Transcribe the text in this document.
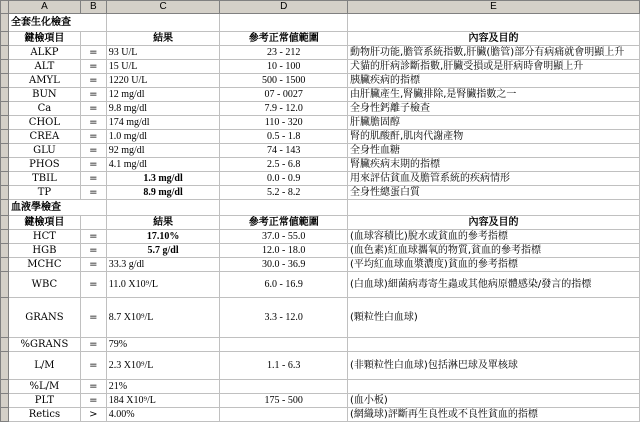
	A	B	C	D	E
	全套生化檢查				
	鍵檢項目		結果	參考正常値範圍	內容及目的
	ALKP	=	93 U/L	23 - 212	動物肝功能,膽管系統指數,肝臟(膽管)部分有病痛就會明顯上升
	ALT	=	15 U/L	10 - 100	犬貓的肝病診斷指數,肝臟受損或是肝病時會明顯上升
	AMYL	=	1220 U/L	500 - 1500	胰臟疾病的指標
	BUN	=	12 mg/dl	07 - 0027	由肝臟產生,腎臟排除,是腎臟指數之一
	Ca	=	9.8 mg/dl	7.9 - 12.0	全身性鈣離子檢查
	CHOL	=	174 mg/dl	110 - 320	肝臟膽固醇
	CREA	=	1.0 mg/dl	0.5 - 1.8	腎的肌酸酐,肌肉代謝產物
	GLU	=	92 mg/dl	74 - 143	全身性血糖
	PHOS	=	4.1 mg/dl	2.5 - 6.8	腎臟疾病末期的指標
	TBIL	=	1.3 mg/dl	0.0 - 0.9	用來評估貧血及膽管系統的疾病情形
	TP	=	8.9 mg/dl	5.2 - 8.2	全身性總蛋白質
	血液學檢查				
	鍵檢項目		結果	參考正常値範圍	內容及目的
	HCT	=	17.10%	37.0 - 55.0	(血球容積比)脫水或貧血的參考指標
	HGB	=	5.7 g/dl	12.0 - 18.0	(血色素)紅血球攜氧的物質,貧血的參考指標
	MCHC	=	33.3 g/dl	30.0 - 36.9	(平均紅血球血漿濃度)貧血的參考指標
	WBC	=	11.0 X10⁹/L	6.0 - 16.9	(白血球)細菌病毒寄生蟲或其他病原體感染/發言的指標
	GRANS	=	8.7 X10⁹/L	3.3 - 12.0	(顆粒性白血球)
	%GRANS	=	79%		
	L/M	=	2.3 X10⁹/L	1.1 - 6.3	(非顆粒性白血球)包括淋巴球及單核球
	%L/M	=	21%		
	PLT	=	184 X10⁹/L	175 - 500	(血小板)
	Retics	>	4.00%		(網織球)評斷再生良性或不良性貧血的指標
